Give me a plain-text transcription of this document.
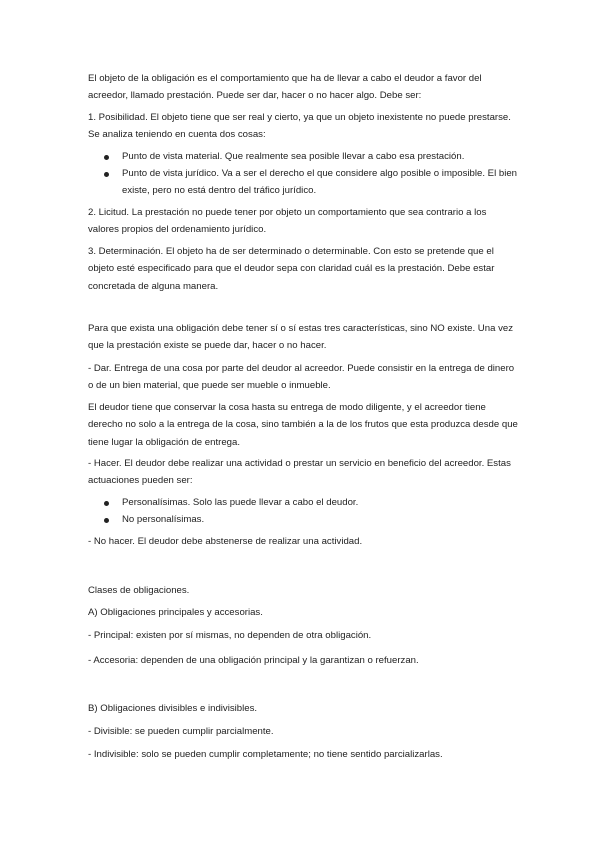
El objeto de la obligación es el comportamiento que ha de llevar a cabo el deudor a favor del acreedor, llamado prestación. Puede ser dar, hacer o no hacer algo. Debe ser:

1. Posibilidad. El objeto tiene que ser real y cierto, ya que un objeto inexistente no puede prestarse. Se analiza teniendo en cuenta dos cosas:

Punto de vista material. Que realmente sea posible llevar a cabo esa prestación.

Punto de vista jurídico. Va a ser el derecho el que considere algo posible o imposible. El bien existe, pero no está dentro del tráfico jurídico.

2. Licitud. La prestación no puede tener por objeto un comportamiento que sea contrario a los valores propios del ordenamiento jurídico.

3. Determinación. El objeto ha de ser determinado o determinable. Con esto se pretende que el objeto esté especificado para que el deudor sepa con claridad cuál es la prestación. Debe estar concretada de alguna manera.

Para que exista una obligación debe tener sí o sí estas tres características, sino NO existe. Una vez que la prestación existe se puede dar, hacer o no hacer.

- Dar. Entrega de una cosa por parte del deudor al acreedor. Puede consistir en la entrega de dinero o de un bien material, que puede ser mueble o inmueble.

El deudor tiene que conservar la cosa hasta su entrega de modo diligente, y el acreedor tiene derecho no solo a la entrega de la cosa, sino también a la de los frutos que esta produzca desde que tiene lugar la obligación de entrega.

- Hacer. El deudor debe realizar una actividad o prestar un servicio en beneficio del acreedor. Estas actuaciones pueden ser:

Personalísimas. Solo las puede llevar a cabo el deudor.

No personalísimas.

- No hacer. El deudor debe abstenerse de realizar una actividad.

Clases de obligaciones.

A) Obligaciones principales y accesorias.

- Principal: existen por sí mismas, no dependen de otra obligación.

- Accesoria: dependen de una obligación principal y la garantizan o refuerzan.

B) Obligaciones divisibles e indivisibles.

- Divisible: se pueden cumplir parcialmente.

- Indivisible: solo se pueden cumplir completamente; no tiene sentido parcializarlas.
